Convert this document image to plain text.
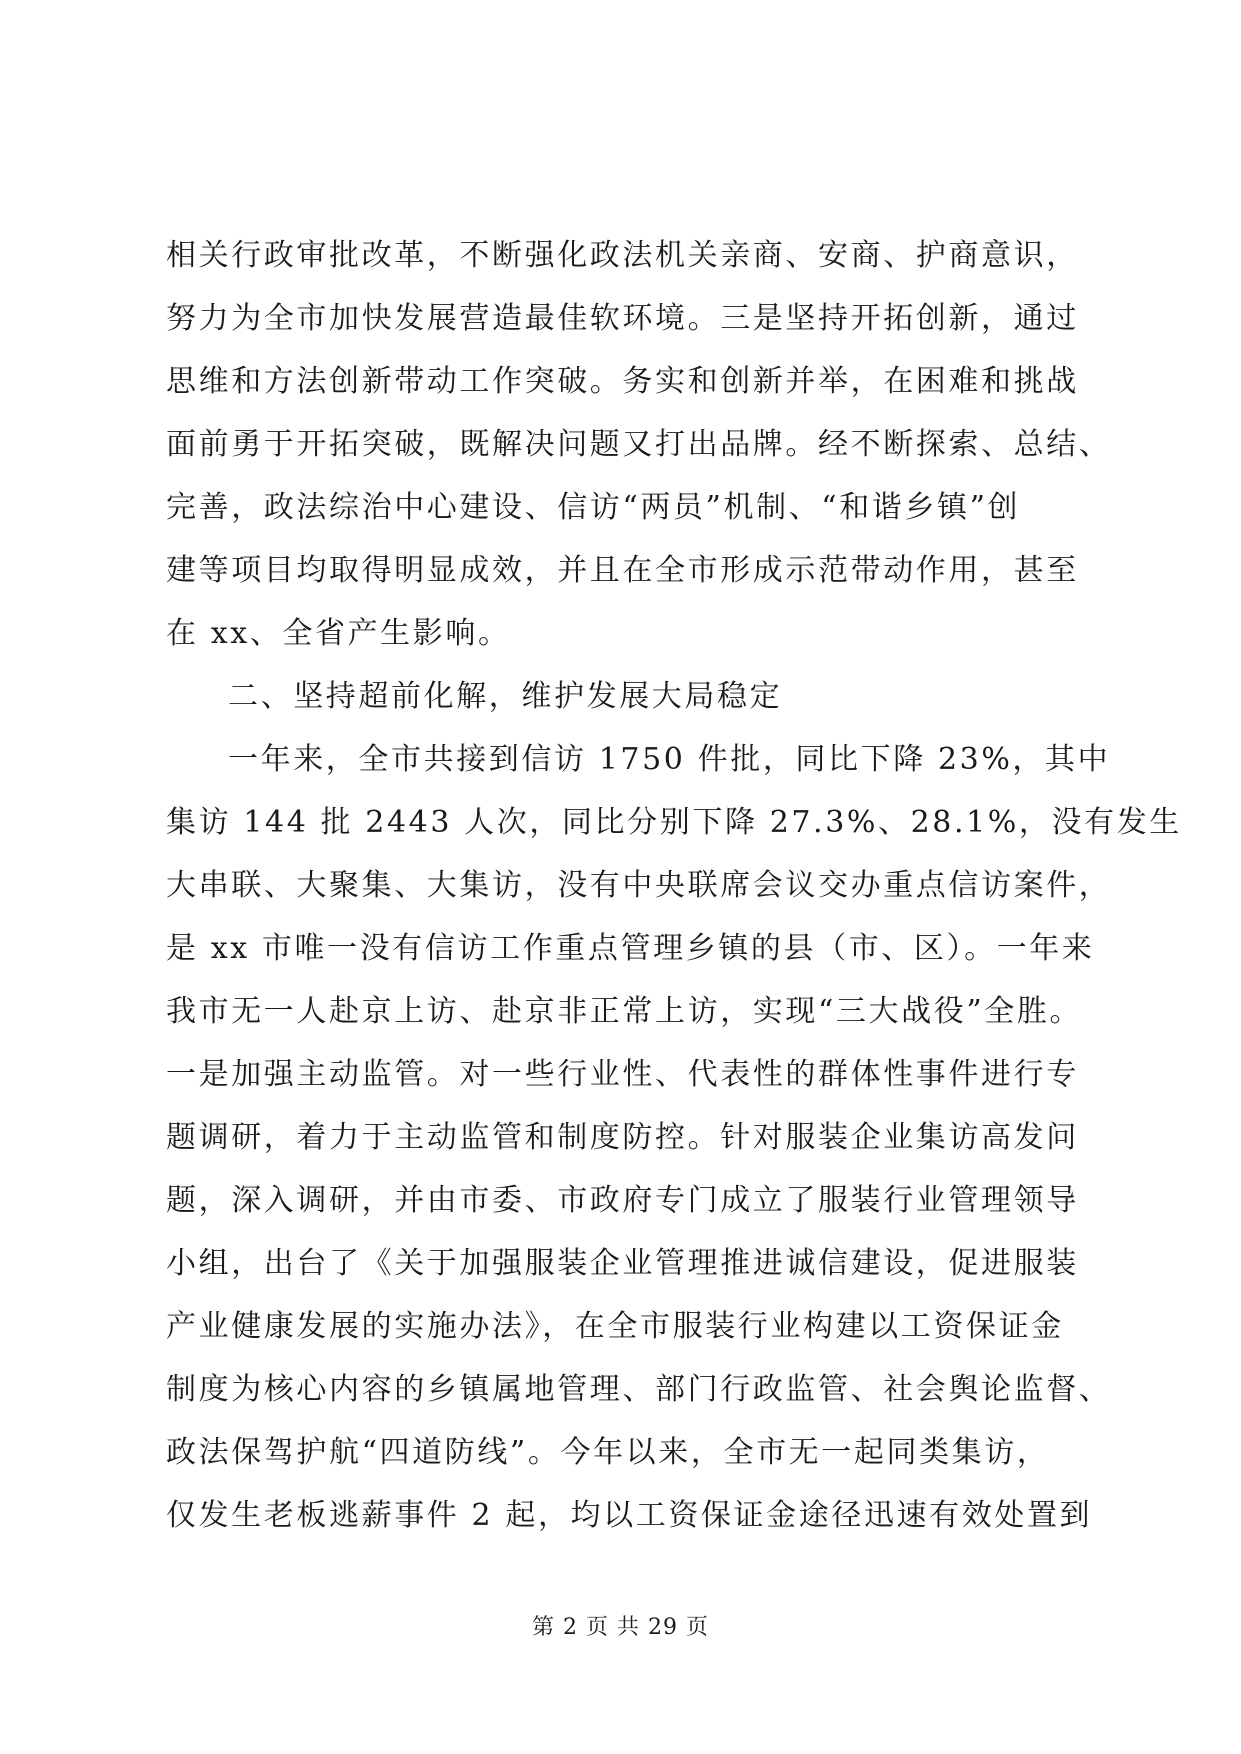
相关行政审批改革，不断强化政法机关亲商、安商、护商意识，
努力为全市加快发展营造最佳软环境。三是坚持开拓创新，通过
思维和方法创新带动工作突破。务实和创新并举，在困难和挑战
面前勇于开拓突破，既解决问题又打出品牌。经不断探索、总结、
完善，政法综治中心建设、信访“两员”机制、“和谐乡镇”创
建等项目均取得明显成效，并且在全市形成示范带动作用，甚至
在 xx、全省产生影响。
二、坚持超前化解，维护发展大局稳定
一年来，全市共接到信访 1750 件批，同比下降 23%，其中
集访 144 批 2443 人次，同比分别下降 27.3%、28.1%，没有发生
大串联、大聚集、大集访，没有中央联席会议交办重点信访案件，
是 xx 市唯一没有信访工作重点管理乡镇的县（市、区）。一年来
我市无一人赴京上访、赴京非正常上访，实现“三大战役”全胜。
一是加强主动监管。对一些行业性、代表性的群体性事件进行专
题调研，着力于主动监管和制度防控。针对服装企业集访高发问
题，深入调研，并由市委、市政府专门成立了服装行业管理领导
小组，出台了《关于加强服装企业管理推进诚信建设，促进服装
产业健康发展的实施办法》，在全市服装行业构建以工资保证金
制度为核心内容的乡镇属地管理、部门行政监管、社会舆论监督、
政法保驾护航“四道防线”。今年以来，全市无一起同类集访，
仅发生老板逃薪事件 2 起，均以工资保证金途径迅速有效处置到
第 2 页 共 29 页
